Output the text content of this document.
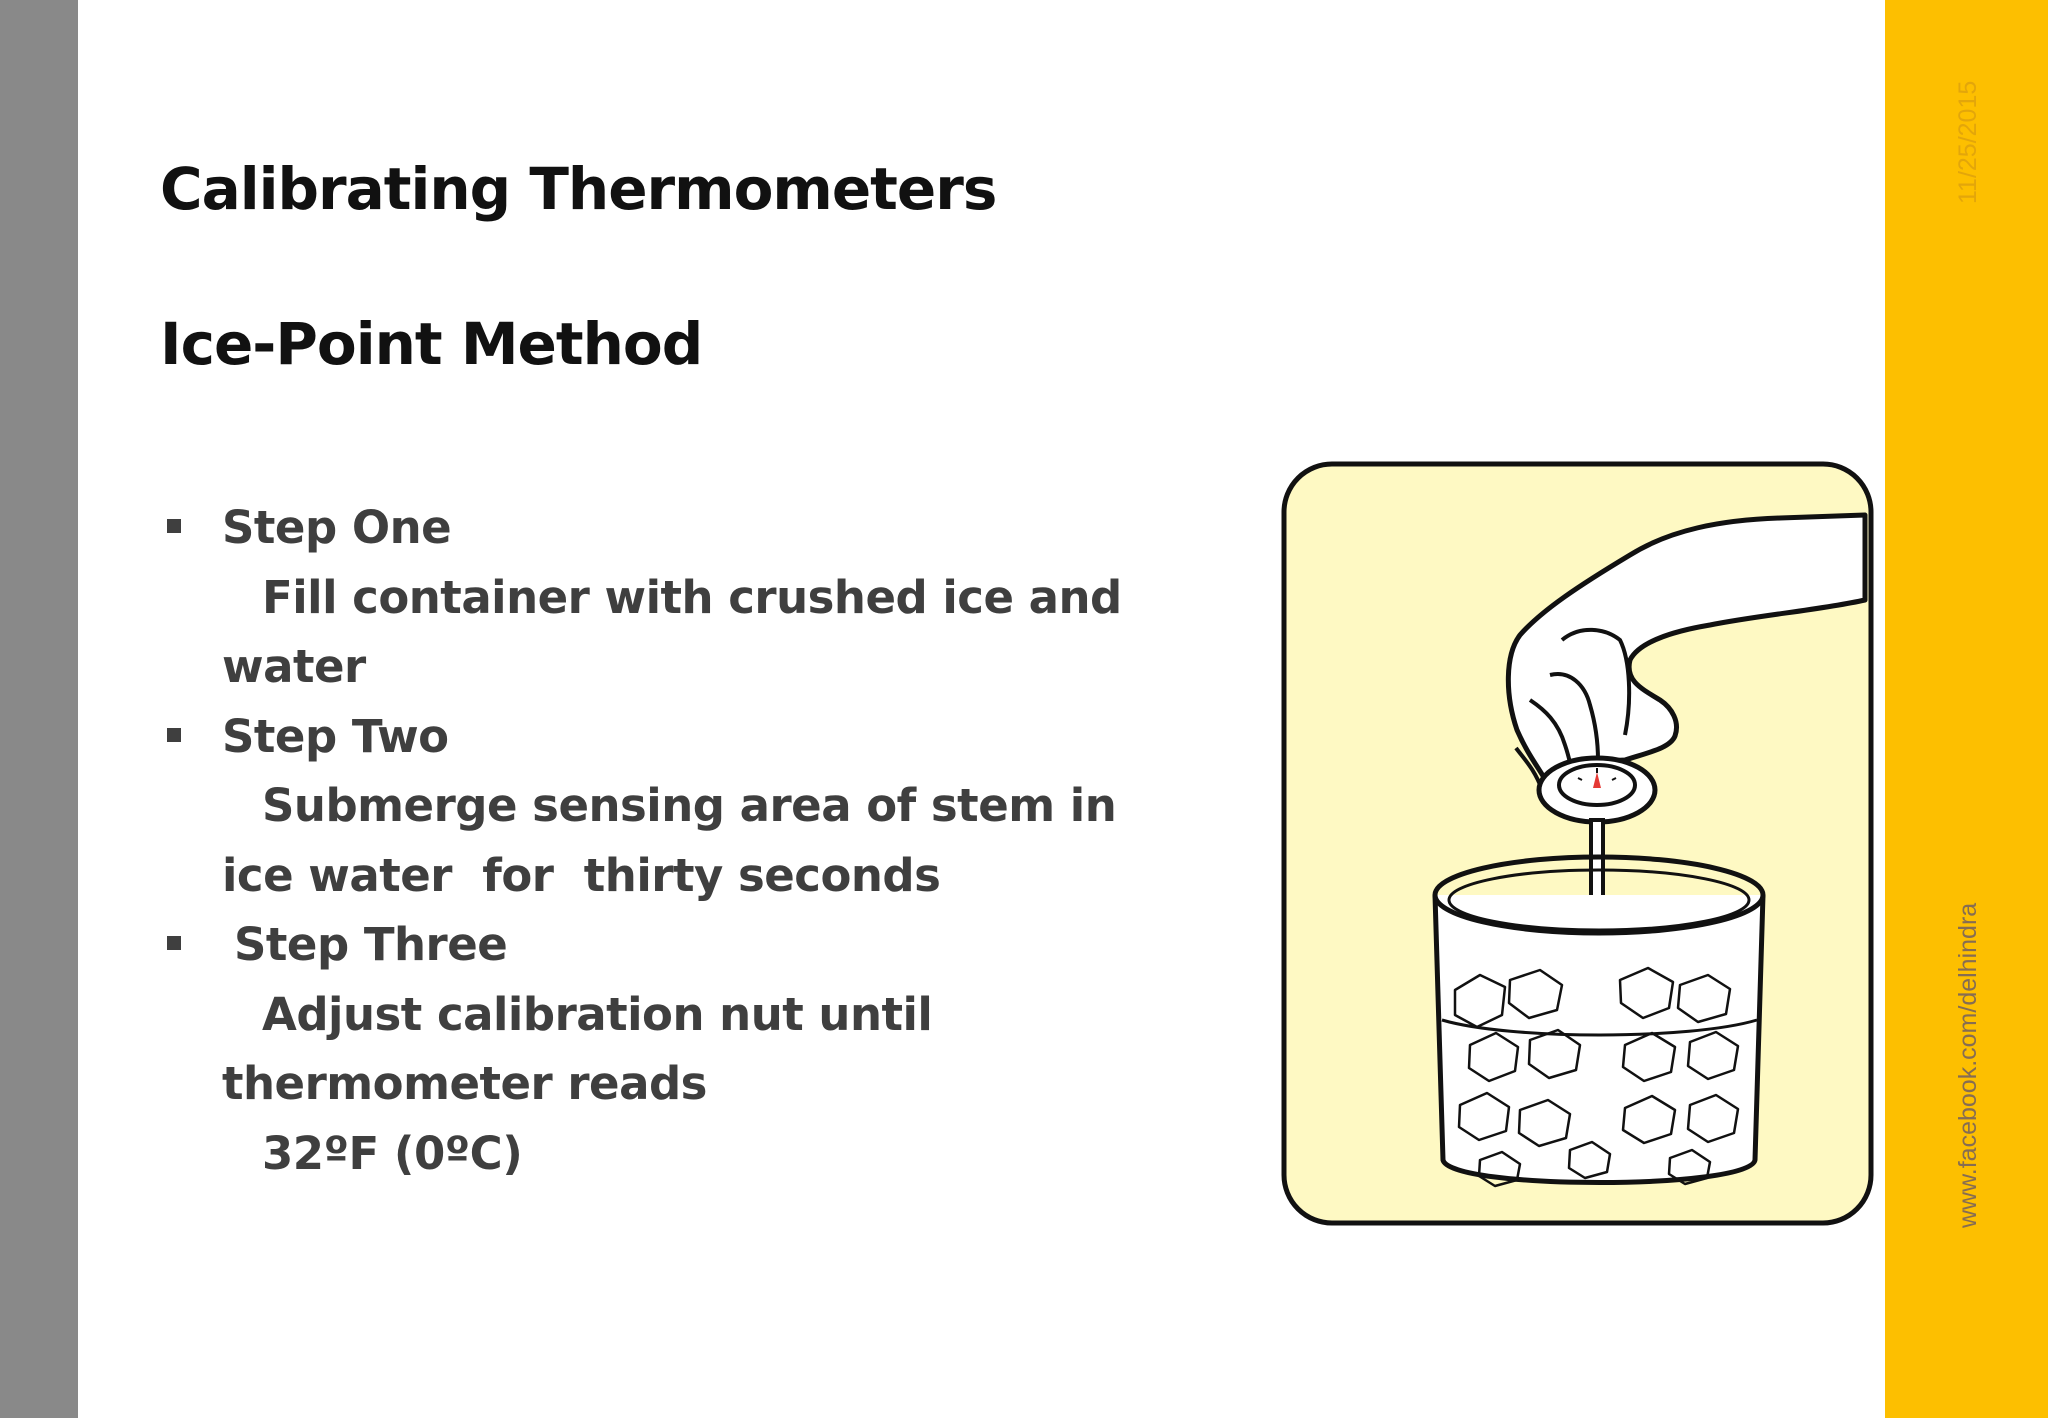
11/25/2015
www.facebook.com/delhindra
Calibrating Thermometers
Ice-Point Method
Step One
Fill container with crushed ice and water
Step Two
Submerge sensing area of stem in ice water  for  thirty seconds
Step Three
Adjust calibration nut until thermometer reads
32ºF (0ºC)
